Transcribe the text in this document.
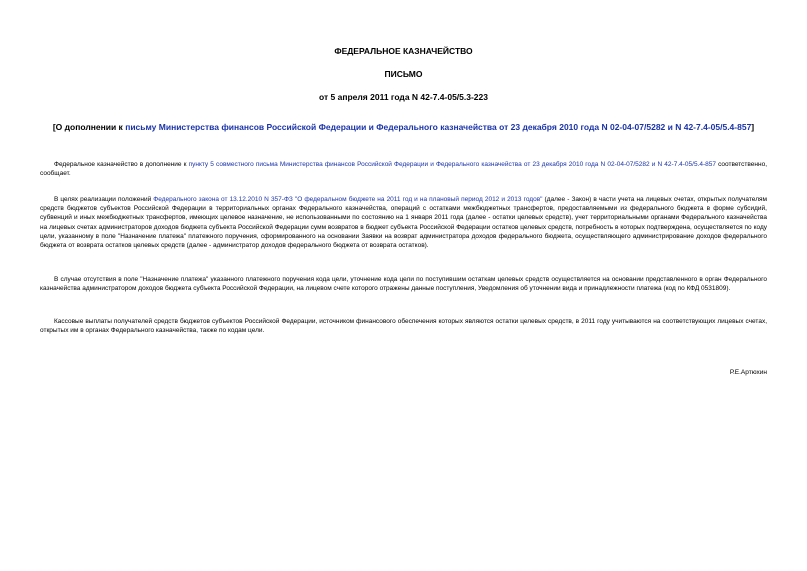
ФЕДЕРАЛЬНОЕ КАЗНАЧЕЙСТВО
ПИСЬМО
от 5 апреля 2011 года N 42-7.4-05/5.3-223
[О дополнении к письму Министерства финансов Российской Федерации и Федерального казначейства от 23 декабря 2010 года N 02-04-07/5282 и N 42-7.4-05/5.4-857]
Федеральное казначейство в дополнение к пункту 5 совместного письма Министерства финансов Российской Федерации и Федерального казначейства от 23 декабря 2010 года N 02-04-07/5282 и N 42-7.4-05/5.4-857 соответственно, сообщает.
В целях реализации положений Федерального закона от 13.12.2010 N 357-ФЗ "О федеральном бюджете на 2011 год и на плановый период 2012 и 2013 годов" (далее - Закон) в части учета на лицевых счетах, открытых получателям средств бюджетов субъектов Российской Федерации в территориальных органах Федерального казначейства, операций с остатками межбюджетных трансфертов, предоставляемыми из федерального бюджета в форме субсидий, субвенций и иных межбюджетных трансфертов, имеющих целевое назначение, не использованными по состоянию на 1 января 2011 года (далее - остатки целевых средств), учет территориальными органами Федерального казначейства на лицевых счетах администраторов доходов бюджета субъекта Российской Федерации сумм возвратов в бюджет субъекта Российской Федерации остатков целевых средств, потребность в которых подтверждена, осуществляется по коду цели, указанному в поле "Назначение платежа" платежного поручения, сформированного на основании Заявки на возврат администратора доходов федерального бюджета, осуществляющего администрирование доходов федерального бюджета от возврата остатков целевых средств (далее - администратор доходов федерального бюджета от возврата остатков).
В случае отсутствия в поле "Назначение платежа" указанного платежного поручения кода цели, уточнение кода цели по поступившим остаткам целевых средств осуществляется на основании представленного в орган Федерального казначейства администратором доходов бюджета субъекта Российской Федерации, на лицевом счете которого отражены данные поступления, Уведомления об уточнении вида и принадлежности платежа (код по КФД 0531809).
Кассовые выплаты получателей средств бюджетов субъектов Российской Федерации, источником финансового обеспечения которых являются остатки целевых средств, в 2011 году учитываются на соответствующих лицевых счетах, открытых им в органах Федерального казначейства, также по кодам цели.
Р.Е.Артюхин
